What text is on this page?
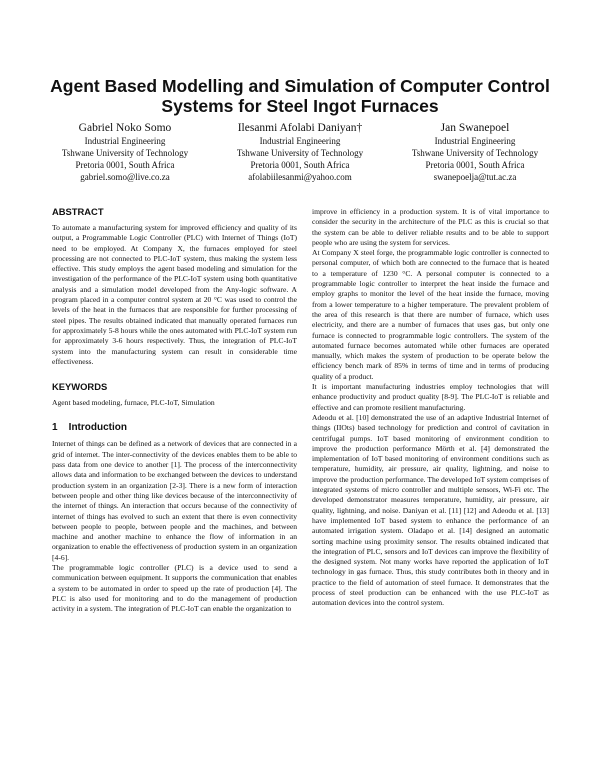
Agent Based Modelling and Simulation of Computer Control
Systems for Steel Ingot Furnaces
Gabriel Noko Somo
Industrial Engineering
Tshwane University of Technology
Pretoria 0001, South Africa
gabriel.somo@live.co.za
Ilesanmi Afolabi Daniyan†
Industrial Engineering
Tshwane University of Technology
Pretoria 0001, South Africa
afolabiilesanmi@yahoo.com
Jan Swanepoel
Industrial Engineering
Tshwane University of Technology
Pretoria 0001, South Africa
swanepoelja@tut.ac.za
ABSTRACT

To automate a manufacturing system for improved efficiency and quality of its output, a Programmable Logic Controller (PLC) with Internet of Things (IoT) need to be employed. At Company X, the furnaces employed for steel processing are not connected to PLC-IoT system, thus making the system less effective. This study employs the agent based modeling and simulation for the investigation of the performance of the PLC-IoT system using both quantitative analysis and a simulation model developed from the Any-logic software. A program placed in a computer control system at 20 °C was used to control the levels of the heat in the furnaces that are responsible for further processing of steel pipes. The results obtained indicated that manually operated furnaces run for approximately 5-8 hours while the ones automated with PLC-IoT system run for approximately 3-6 hours respectively. Thus, the integration of PLC-IoT system into the manufacturing system can result in considerable time effectiveness.

KEYWORDS

Agent based modeling, furnace, PLC-IoT, Simulation

1    Introduction

Internet of things can be defined as a network of devices that are connected in a grid of internet. The inter-connectivity of the devices enables them to be able to pass data from one device to another [1]. The process of the interconnectivity allows data and information to be exchanged between the devices to understand production system in an organization [2-3]. There is a new form of interaction between people and other thing like devices because of the interconnectivity of the internet of things. An interaction that occurs because of the connectivity of internet of things has evolved to such an extent that there is even connectivity between people to people, between people and the machines, and between machine and another machine to enhance the flow of information in an organization to enable the effectiveness of production system in an organization [4-6].

The programmable logic controller (PLC) is a device used to send a communication between equipment. It supports the communication that enables a system to be automated in order to speed up the rate of production [4]. The PLC is also used for monitoring and to do the management of production activity in a system. The integration of PLC-IoT can enable the organization to

improve in efficiency in a production system. It is of vital importance to consider the security in the architecture of the PLC as this is crucial so that the system can be able to deliver reliable results and to be able to support people who are using the system for services.

At Company X steel forge, the programmable logic controller is connected to personal computer, of which both are connected to the furnace that is heated to a temperature of 1230 °C. A personal computer is connected to a programmable logic controller to interpret the heat inside the furnace and employ graphs to monitor the level of the heat inside the furnace, moving from a lower temperature to a higher temperature. The prevalent problem of the area of this research is that there are number of furnace, which uses electricity, and there are a number of furnaces that uses gas, but only one furnace is connected to programmable logic controllers. The system of the automated furnace becomes automated while other furnaces are operated manually, which makes the system of production to be operate below the efficiency bench mark of 85% in terms of time and in terms of producing quality of a product.

It is important manufacturing industries employ technologies that will enhance productivity and product quality [8-9]. The PLC-IoT is reliable and effective and can promote resilient manufacturing.

Adeodu et al. [10] demonstrated the use of an adaptive Industrial Internet of things (IIOts) based technology for prediction and control of cavitation in centrifugal pumps. IoT based monitoring of environment condition to improve the production performance Mörth et al. [4] demonstrated the implementation of IoT based monitoring of environment conditions such as temperature, humidity, air pressure, air quality, lightning, and noise to improve the production performance. The developed IoT system comprises of integrated systems of micro controller and multiple sensors, Wi-Fi etc. The developed demonstrator measures temperature, humidity, air pressure, air quality, lightning, and noise. Daniyan et al. [11] [12] and Adeodu et al. [13] have implemented IoT based system to enhance the performance of an automated irrigation system. Oladapo et al. [14] designed an automatic sorting machine using proximity sensor. The results obtained indicated that the integration of PLC, sensors and IoT devices can improve the flexibility of the designed system. Not many works have reported the application of IoT technology in gas furnace. Thus, this study contributes both in theory and in practice to the field of automation of steel furnace. It demonstrates that the process of steel production can be enhanced with the use PLC-IoT as automation devices into the control system.
